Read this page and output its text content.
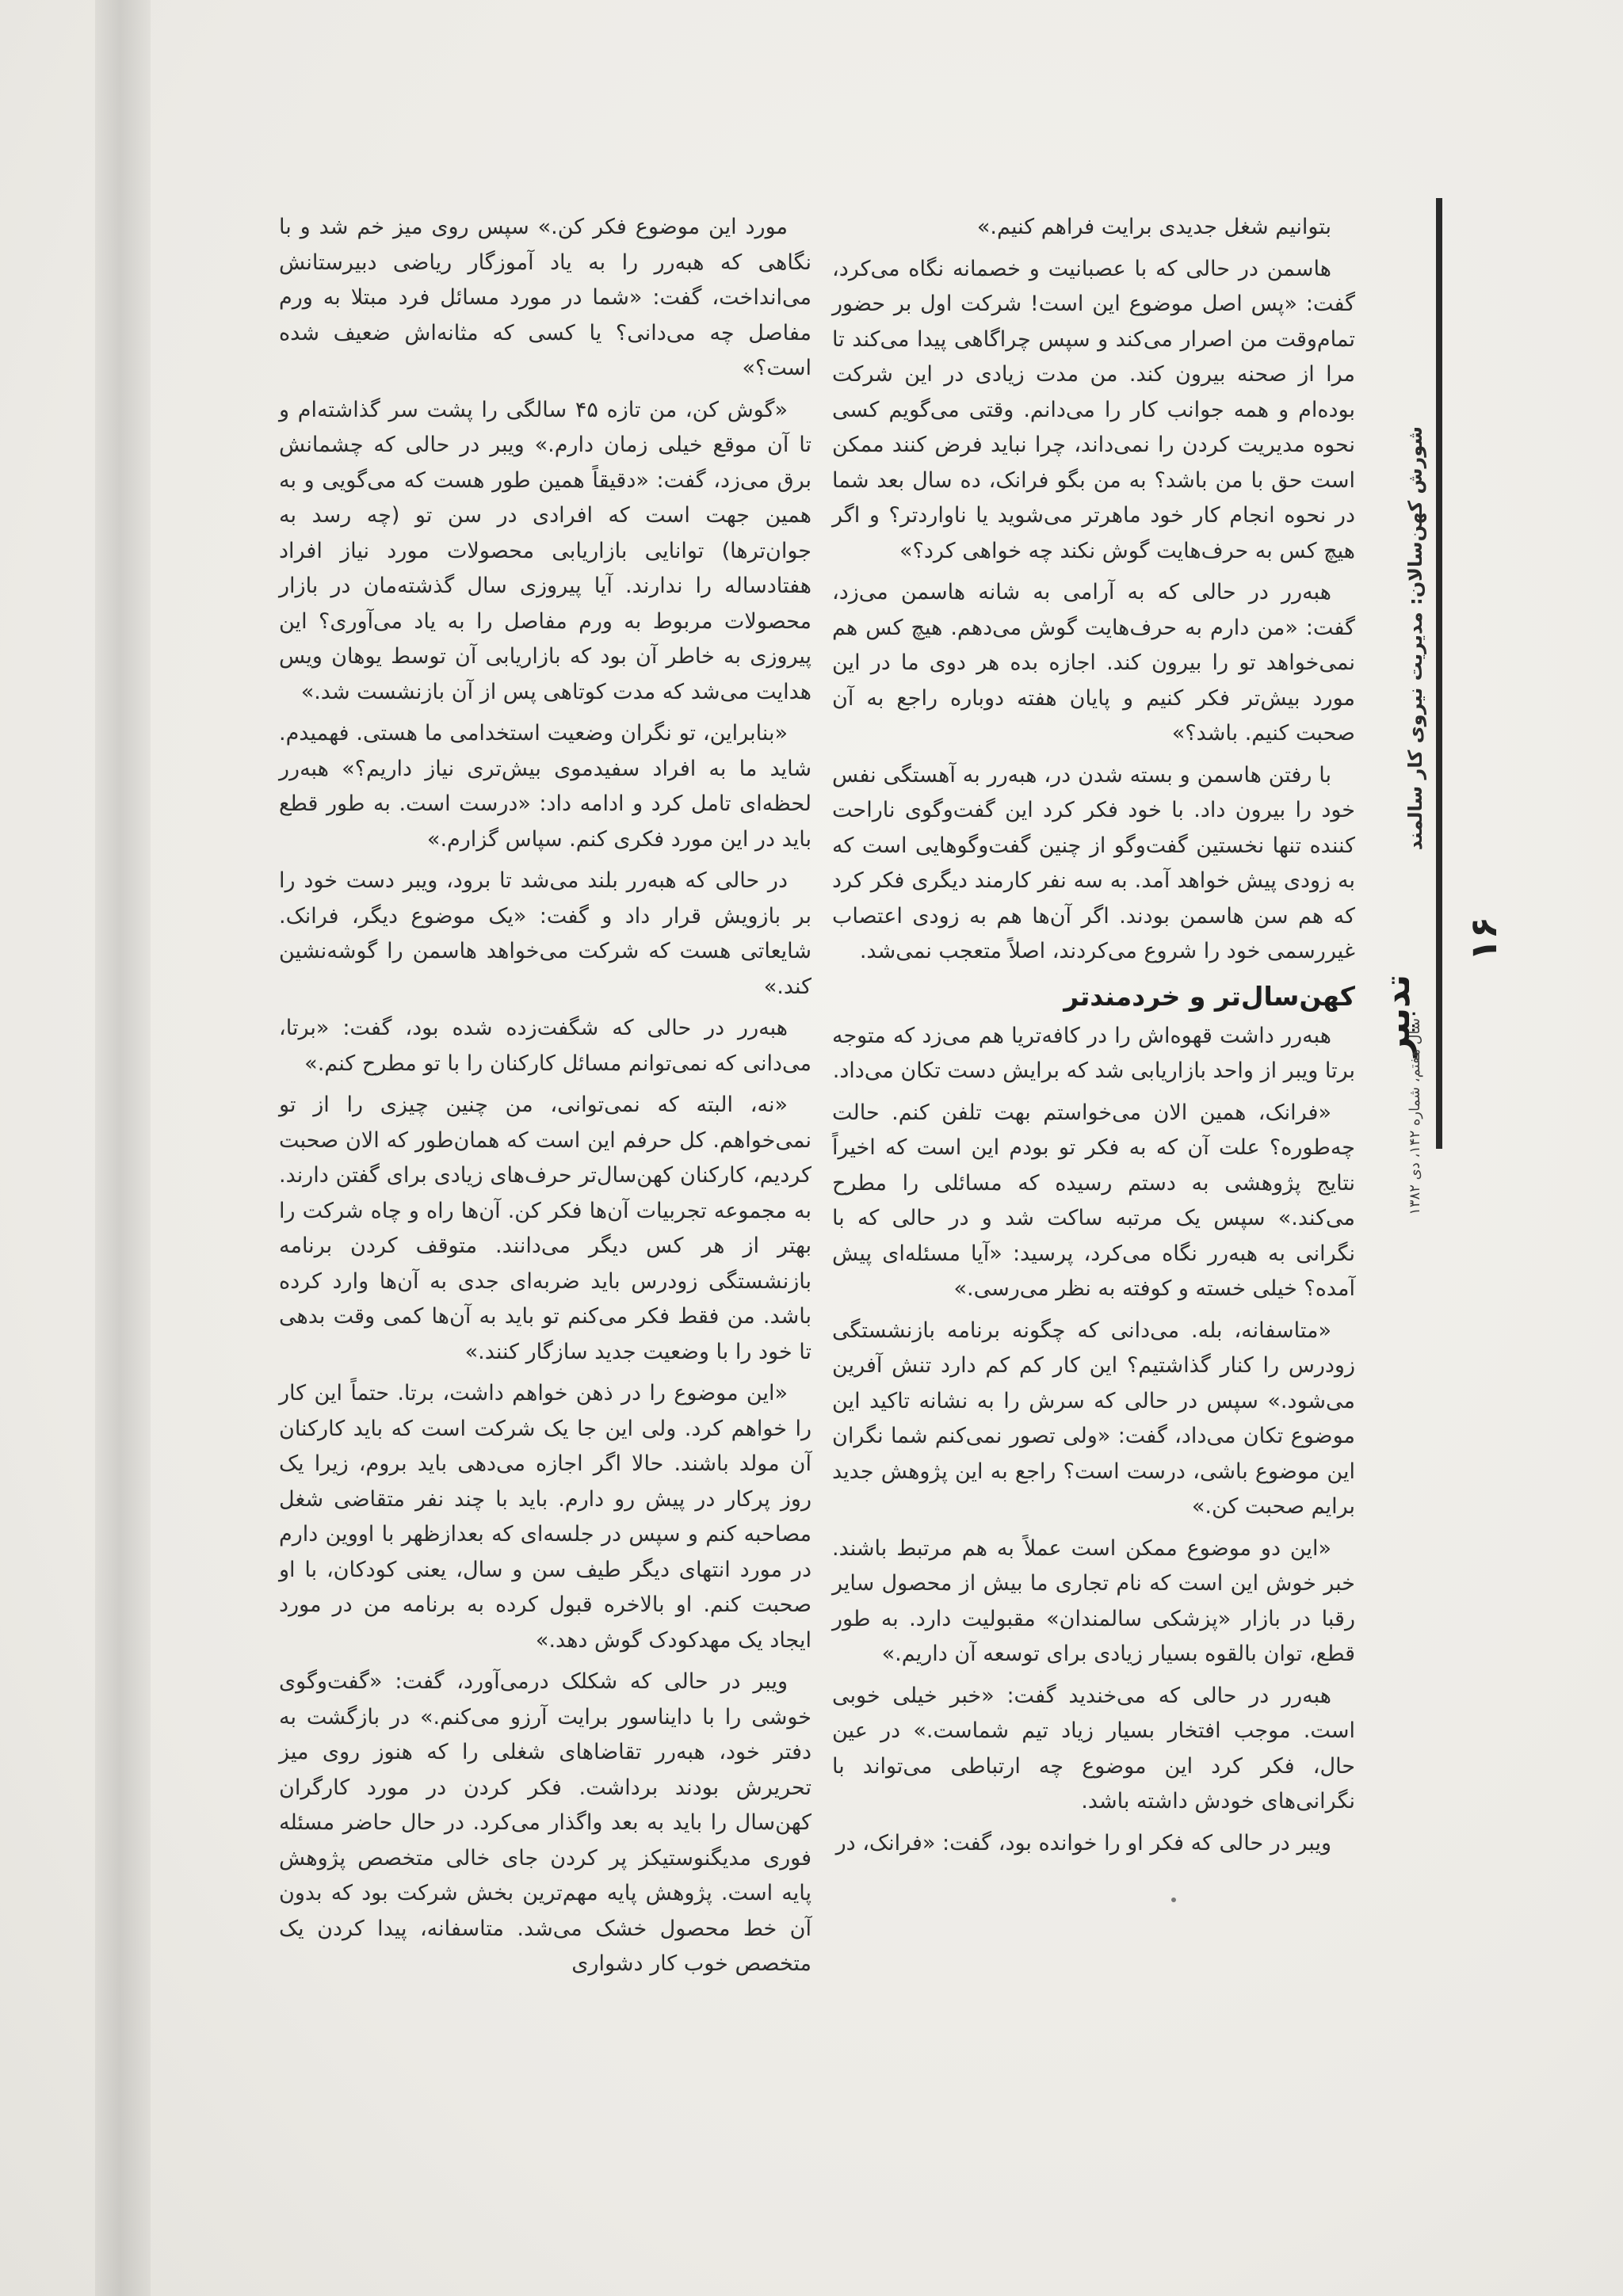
تدبیر
شورش کهن‌سالان: مدیریت نیروی کار سالمند
سال هفتم، شماره ۱۴۲، دی ۱۳۸۲
۱۶

بتوانیم شغل جدیدی برایت فراهم کنیم.»

هاسمن در حالی که با عصبانیت و خصمانه نگاه می‌کرد، گفت: «پس اصل موضوع این است! شرکت اول بر حضور تمام‌وقت من اصرار می‌کند و سپس چراگاهی پیدا می‌کند تا مرا از صحنه بیرون کند. من مدت زیادی در این شرکت بوده‌ام و همه جوانب کار را می‌دانم. وقتی می‌گویم کسی نحوه مدیریت کردن را نمی‌داند، چرا نباید فرض کنند ممکن است حق با من باشد؟ به من بگو فرانک، ده سال بعد شما در نحوه انجام کار خود ماهرتر می‌شوید یا ناواردتر؟ و اگر هیچ کس به حرف‌هایت گوش نکند چه خواهی کرد؟»

هبه‌رر در حالی که به آرامی به شانه هاسمن می‌زد، گفت: «من دارم به حرف‌هایت گوش می‌دهم. هیچ کس هم نمی‌خواهد تو را بیرون کند. اجازه بده هر دوی ما در این مورد بیش‌تر فکر کنیم و پایان هفته دوباره راجع به آن صحبت کنیم. باشد؟»

با رفتن هاسمن و بسته شدن در، هبه‌رر به آهستگی نفس خود را بیرون داد. با خود فکر کرد این گفت‌وگوی ناراحت کننده تنها نخستین گفت‌وگو از چنین گفت‌وگوهایی است که به زودی پیش خواهد آمد. به سه نفر کارمند دیگری فکر کرد که هم سن هاسمن بودند. اگر آن‌ها هم به زودی اعتصاب غیررسمی خود را شروع می‌کردند، اصلاً متعجب نمی‌شد.

کهن‌سال‌تر و خردمندتر

هبه‌رر داشت قهوه‌اش را در کافه‌تریا هم می‌زد که متوجه برتا ویبر از واحد بازاریابی شد که برایش دست تکان می‌داد.

«فرانک، همین الان می‌خواستم بهت تلفن کنم. حالت چه‌طوره؟ علت آن که به فکر تو بودم این است که اخیراً نتایج پژوهشی به دستم رسیده که مسائلی را مطرح می‌کند.» سپس یک مرتبه ساکت شد و در حالی که با نگرانی به هبه‌رر نگاه می‌کرد، پرسید: «آیا مسئله‌ای پیش آمده؟ خیلی خسته و کوفته به نظر می‌رسی.»

«متاسفانه، بله. می‌دانی که چگونه برنامه بازنشستگی زودرس را کنار گذاشتیم؟ این کار کم کم دارد تنش آفرین می‌شود.» سپس در حالی که سرش را به نشانه تاکید این موضوع تکان می‌داد، گفت: «ولی تصور نمی‌کنم شما نگران این موضوع باشی، درست است؟ راجع به این پژوهش جدید برایم صحبت کن.»

«این دو موضوع ممکن است عملاً به هم مرتبط باشند. خبر خوش این است که نام تجاری ما بیش از محصول سایر رقبا در بازار «پزشکی سالمندان» مقبولیت دارد. به طور قطع، توان بالقوه بسیار زیادی برای توسعه آن داریم.»

هبه‌رر در حالی که می‌خندید گفت: «خبر خیلی خوبی است. موجب افتخار بسیار زیاد تیم شماست.» در عین حال، فکر کرد این موضوع چه ارتباطی می‌تواند با نگرانی‌های خودش داشته باشد.

ویبر در حالی که فکر او را خوانده بود، گفت: «فرانک، در

مورد این موضوع فکر کن.» سپس روی میز خم شد و با نگاهی که هبه‌رر را به یاد آموزگار ریاضی دبیرستانش می‌انداخت، گفت: «شما در مورد مسائل فرد مبتلا به ورم مفاصل چه می‌دانی؟ یا کسی که مثانه‌اش ضعیف شده است؟»

«گوش کن، من تازه ۴۵ سالگی را پشت سر گذاشته‌ام و تا آن موقع خیلی زمان دارم.» ویبر در حالی که چشمانش برق می‌زد، گفت: «دقیقاً همین طور هست که می‌گویی و به همین جهت است که افرادی در سن تو (چه رسد به جوان‌ترها) توانایی بازاریابی محصولات مورد نیاز افراد هفتادساله را ندارند. آیا پیروزی سال گذشته‌مان در بازار محصولات مربوط به ورم مفاصل را به یاد می‌آوری؟ این پیروزی به خاطر آن بود که بازاریابی آن توسط یوهان ویس هدایت می‌شد که مدت کوتاهی پس از آن بازنشست شد.»

«بنابراین، تو نگران وضعیت استخدامی ما هستی. فهمیدم. شاید ما به افراد سفیدموی بیش‌تری نیاز داریم؟» هبه‌رر لحظه‌ای تامل کرد و ادامه داد: «درست است. به طور قطع باید در این مورد فکری کنم. سپاس گزارم.»

در حالی که هبه‌رر بلند می‌شد تا برود، ویبر دست خود را بر بازویش قرار داد و گفت: «یک موضوع دیگر، فرانک. شایعاتی هست که شرکت می‌خواهد هاسمن را گوشه‌نشین کند.»

هبه‌رر در حالی که شگفت‌زده شده بود، گفت: «برتا، می‌دانی که نمی‌توانم مسائل کارکنان را با تو مطرح کنم.»

«نه، البته که نمی‌توانی، من چنین چیزی را از تو نمی‌خواهم. کل حرفم این است که همان‌طور که الان صحبت کردیم، کارکنان کهن‌سال‌تر حرف‌های زیادی برای گفتن دارند. به مجموعه تجربیات آن‌ها فکر کن. آن‌ها راه و چاه شرکت را بهتر از هر کس دیگر می‌دانند. متوقف کردن برنامه بازنشستگی زودرس باید ضربه‌ای جدی به آن‌ها وارد کرده باشد. من فقط فکر می‌کنم تو باید به آن‌ها کمی وقت بدهی تا خود را با وضعیت جدید سازگار کنند.»

«این موضوع را در ذهن خواهم داشت، برتا. حتماً این کار را خواهم کرد. ولی این جا یک شرکت است که باید کارکنان آن مولد باشند. حالا اگر اجازه می‌دهی باید بروم، زیرا یک روز پرکار در پیش رو دارم. باید با چند نفر متقاضی شغل مصاحبه کنم و سپس در جلسه‌ای که بعدازظهر با اووین دارم در مورد انتهای دیگر طیف سن و سال، یعنی کودکان، با او صحبت کنم. او بالاخره قبول کرده به برنامه من در مورد ایجاد یک مهدکودک گوش دهد.»

ویبر در حالی که شکلک درمی‌آورد، گفت: «گفت‌وگوی خوشی را با دایناسور برایت آرزو می‌کنم.» در بازگشت به دفتر خود، هبه‌رر تقاضاهای شغلی را که هنوز روی میز تحریرش بودند برداشت. فکر کردن در مورد کارگران کهن‌سال را باید به بعد واگذار می‌کرد. در حال حاضر مسئله فوری مدیگنوستیکز پر کردن جای خالی متخصص پژوهش پایه است. پژوهش پایه مهم‌ترین بخش شرکت بود که بدون آن خط محصول خشک می‌شد. متاسفانه، پیدا کردن یک متخصص خوب کار دشواری
